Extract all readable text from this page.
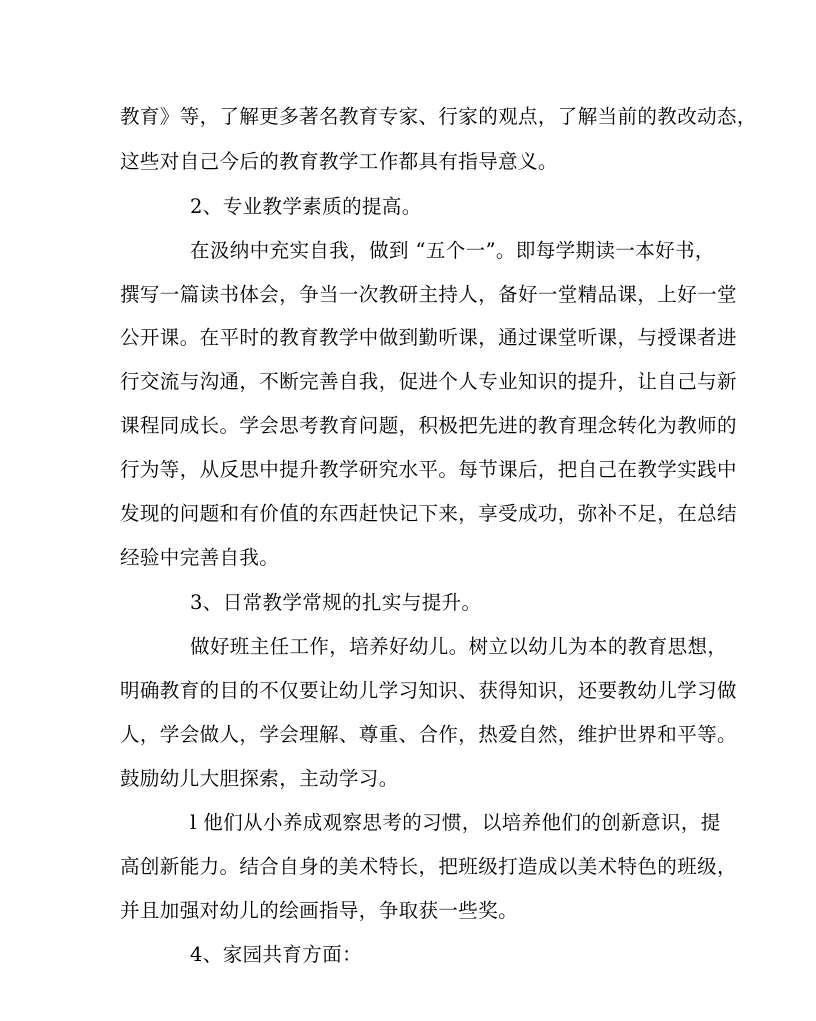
教育》等，了解更多著名教育专家、行家的观点，了解当前的教改动态，
这些对自己今后的教育教学工作都具有指导意义。
2、专业教学素质的提高。
在汲纳中充实自我，做到 “五个一”。即每学期读一本好书，
撰写一篇读书体会，争当一次教研主持人，备好一堂精品课，上好一堂
公开课。在平时的教育教学中做到勤听课，通过课堂听课，与授课者进
行交流与沟通，不断完善自我，促进个人专业知识的提升，让自己与新
课程同成长。学会思考教育问题，积极把先进的教育理念转化为教师的
行为等，从反思中提升教学研究水平。每节课后，把自己在教学实践中
发现的问题和有价值的东西赶快记下来，享受成功，弥补不足，在总结
经验中完善自我。
3、日常教学常规的扎实与提升。
做好班主任工作，培养好幼儿。树立以幼儿为本的教育思想，
明确教育的目的不仅要让幼儿学习知识、获得知识，还要教幼儿学习做
人，学会做人，学会理解、尊重、合作，热爱自然，维护世界和平等。
鼓励幼儿大胆探索，主动学习。
l 他们从小养成观察思考的习惯，以培养他们的创新意识，提
高创新能力。结合自身的美术特长，把班级打造成以美术特色的班级，
并且加强对幼儿的绘画指导，争取获一些奖。
4、家园共育方面：
